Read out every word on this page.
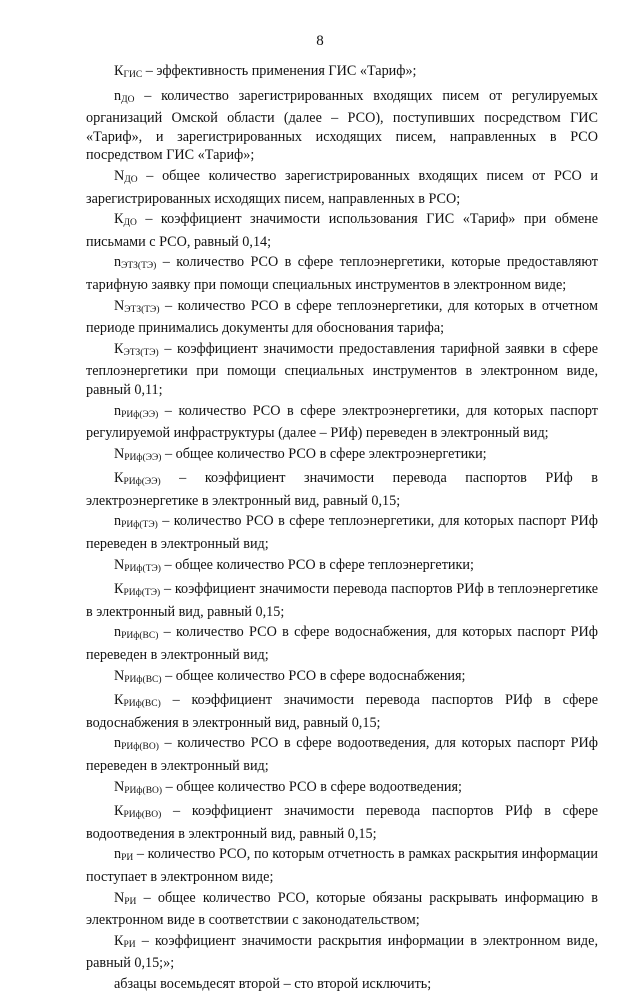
8

$К_{ГИС}$ – эффективность применения ГИС «Тариф»;

$n_{ДО}$ – количество зарегистрированных входящих писем от регулируемых организаций Омской области (далее – РСО), поступивших посредством ГИС «Тариф», и зарегистрированных исходящих писем, направленных в РСО посредством ГИС «Тариф»;

$N_{ДО}$ – общее количество зарегистрированных входящих писем от РСО и зарегистрированных исходящих писем, направленных в РСО;

$К_{ДО}$ – коэффициент значимости использования ГИС «Тариф» при обмене письмами с РСО, равный 0,14;

$n_{ЭТЗ(ТЭ)}$ – количество РСО в сфере теплоэнергетики, которые предоставляют тарифную заявку при помощи специальных инструментов в электронном виде;

$N_{ЭТЗ(ТЭ)}$ – количество РСО в сфере теплоэнергетики, для которых в отчетном периоде принимались документы для обоснования тарифа;

$К_{ЭТЗ(ТЭ)}$ – коэффициент значимости предоставления тарифной заявки в сфере теплоэнергетики при помощи специальных инструментов в электронном виде, равный 0,11;

$n_{РИф(ЭЭ)}$ – количество РСО в сфере электроэнергетики, для которых паспорт регулируемой инфраструктуры (далее – РИф) переведен в электронный вид;

$N_{РИф(ЭЭ)}$ – общее количество РСО в сфере электроэнергетики;

$К_{РИф(ЭЭ)}$ – коэффициент значимости перевода паспортов РИф в электроэнергетике в электронный вид, равный 0,15;

$n_{РИф(ТЭ)}$ – количество РСО в сфере теплоэнергетики, для которых паспорт РИф переведен в электронный вид;

$N_{РИф(ТЭ)}$ – общее количество РСО в сфере теплоэнергетики;

$К_{РИф(ТЭ)}$ – коэффициент значимости перевода паспортов РИф в теплоэнергетике в электронный вид, равный 0,15;

$n_{РИф(ВС)}$ – количество РСО в сфере водоснабжения, для которых паспорт РИф переведен в электронный вид;

$N_{РИф(ВС)}$ – общее количество РСО в сфере водоснабжения;

$К_{РИф(ВС)}$ – коэффициент значимости перевода паспортов РИф в сфере водоснабжения в электронный вид, равный 0,15;

$n_{РИф(ВО)}$ – количество РСО в сфере водоотведения, для которых паспорт РИф переведен в электронный вид;

$N_{РИф(ВО)}$ – общее количество РСО в сфере водоотведения;

$К_{РИф(ВО)}$ – коэффициент значимости перевода паспортов РИф в сфере водоотведения в электронный вид, равный 0,15;

$n_{РИ}$ – количество РСО, по которым отчетность в рамках раскрытия информации поступает в электронном виде;

$N_{РИ}$ – общее количество РСО, которые обязаны раскрывать информацию в электронном виде в соответствии с законодательством;

$К_{РИ}$ – коэффициент значимости раскрытия информации в электронном виде, равный 0,15;»;

абзацы восемьдесят второй – сто второй исключить;
